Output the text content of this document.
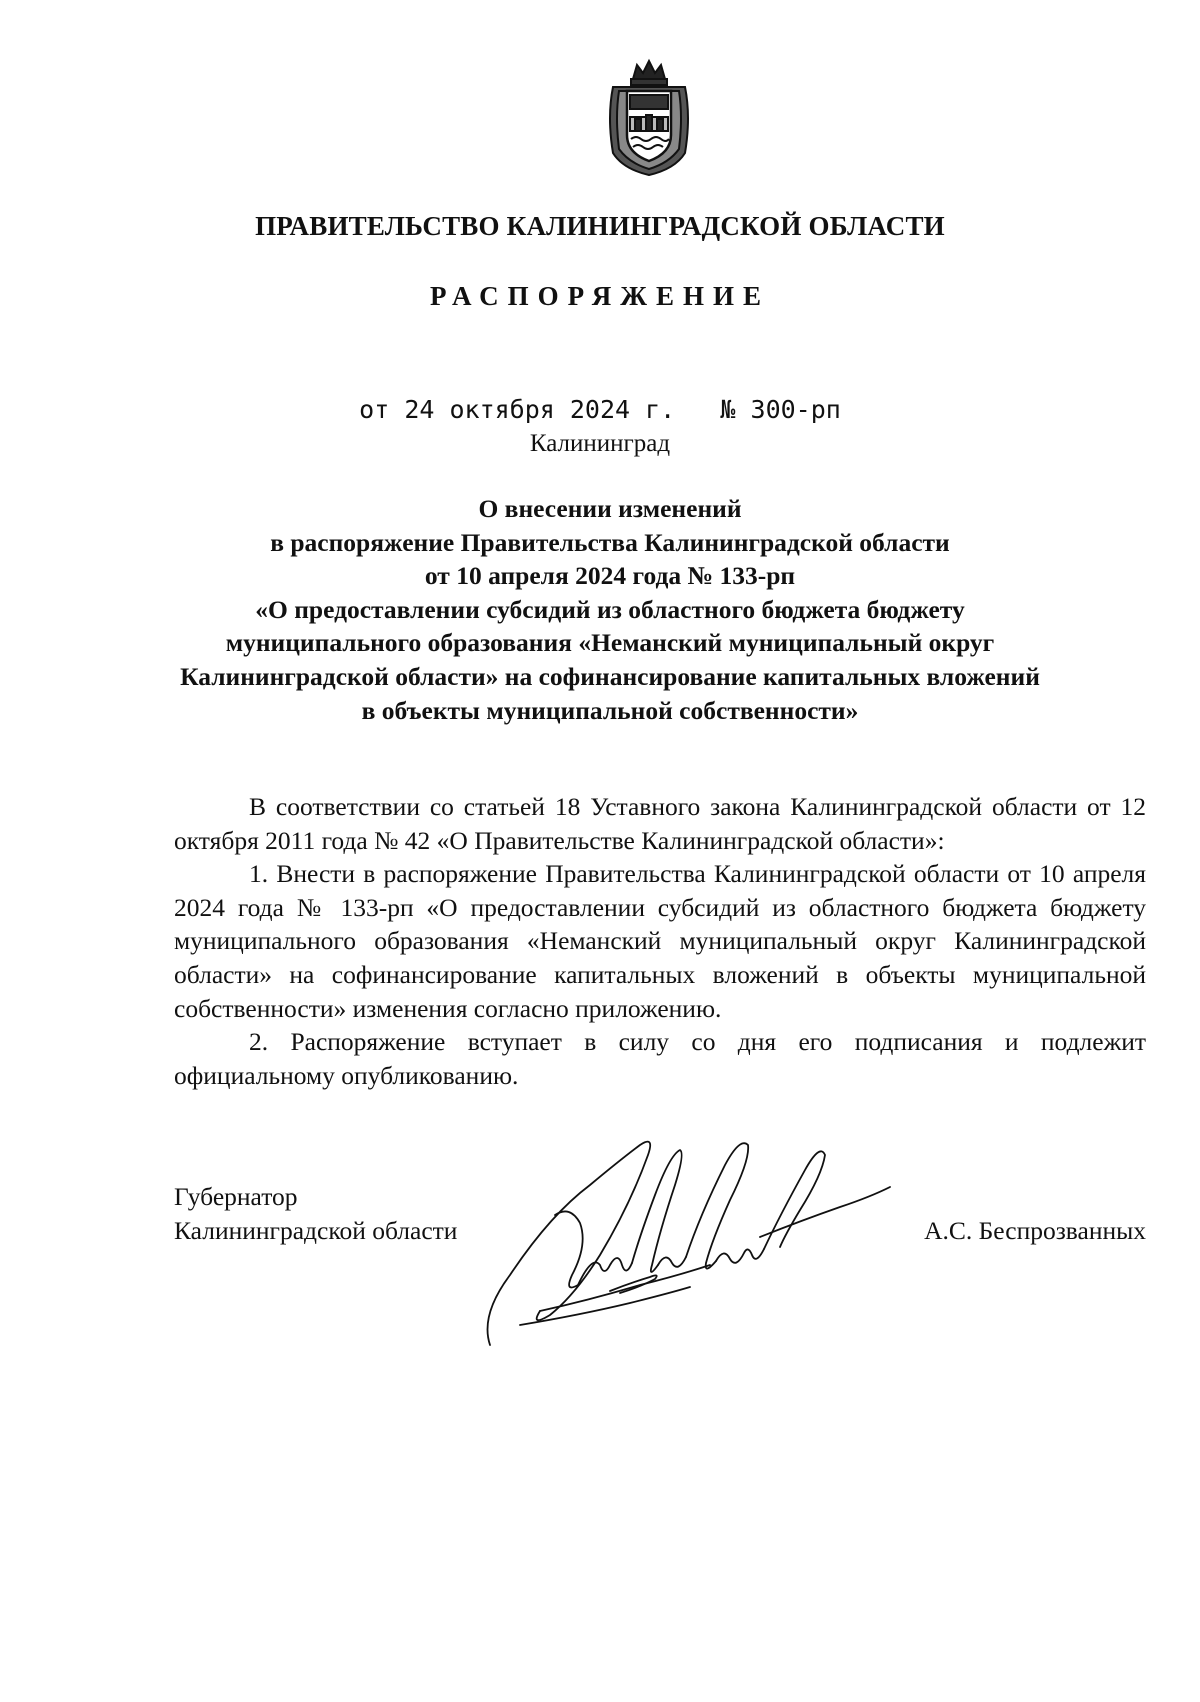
ПРАВИТЕЛЬСТВО КАЛИНИНГРАДСКОЙ ОБЛАСТИ
РАСПОРЯЖЕНИЕ
от 24 октября 2024 г. № 300-рп
Калининград
О внесении изменений
в распоряжение Правительства Калининградской области
от 10 апреля 2024 года № 133-рп
«О предоставлении субсидий из областного бюджета бюджету
муниципального образования «Неманский муниципальный округ
Калининградской области» на софинансирование капитальных вложений
в объекты муниципальной собственности»

В соответствии со статьей 18 Уставного закона Калининградской области от 12 октября 2011 года № 42 «О Правительстве Калининградской области»:

1. Внести в распоряжение Правительства Калининградской области от 10 апреля 2024 года № 133-рп «О предоставлении субсидий из областного бюджета бюджету муниципального образования «Неманский муниципальный округ Калининградской области» на софинансирование капитальных вложений в объекты муниципальной собственности» изменения согласно приложению.

2. Распоряжение вступает в силу со дня его подписания и подлежит официальному опубликованию.

Губернатор
Калининградской области	А.С. Беспрозванных
